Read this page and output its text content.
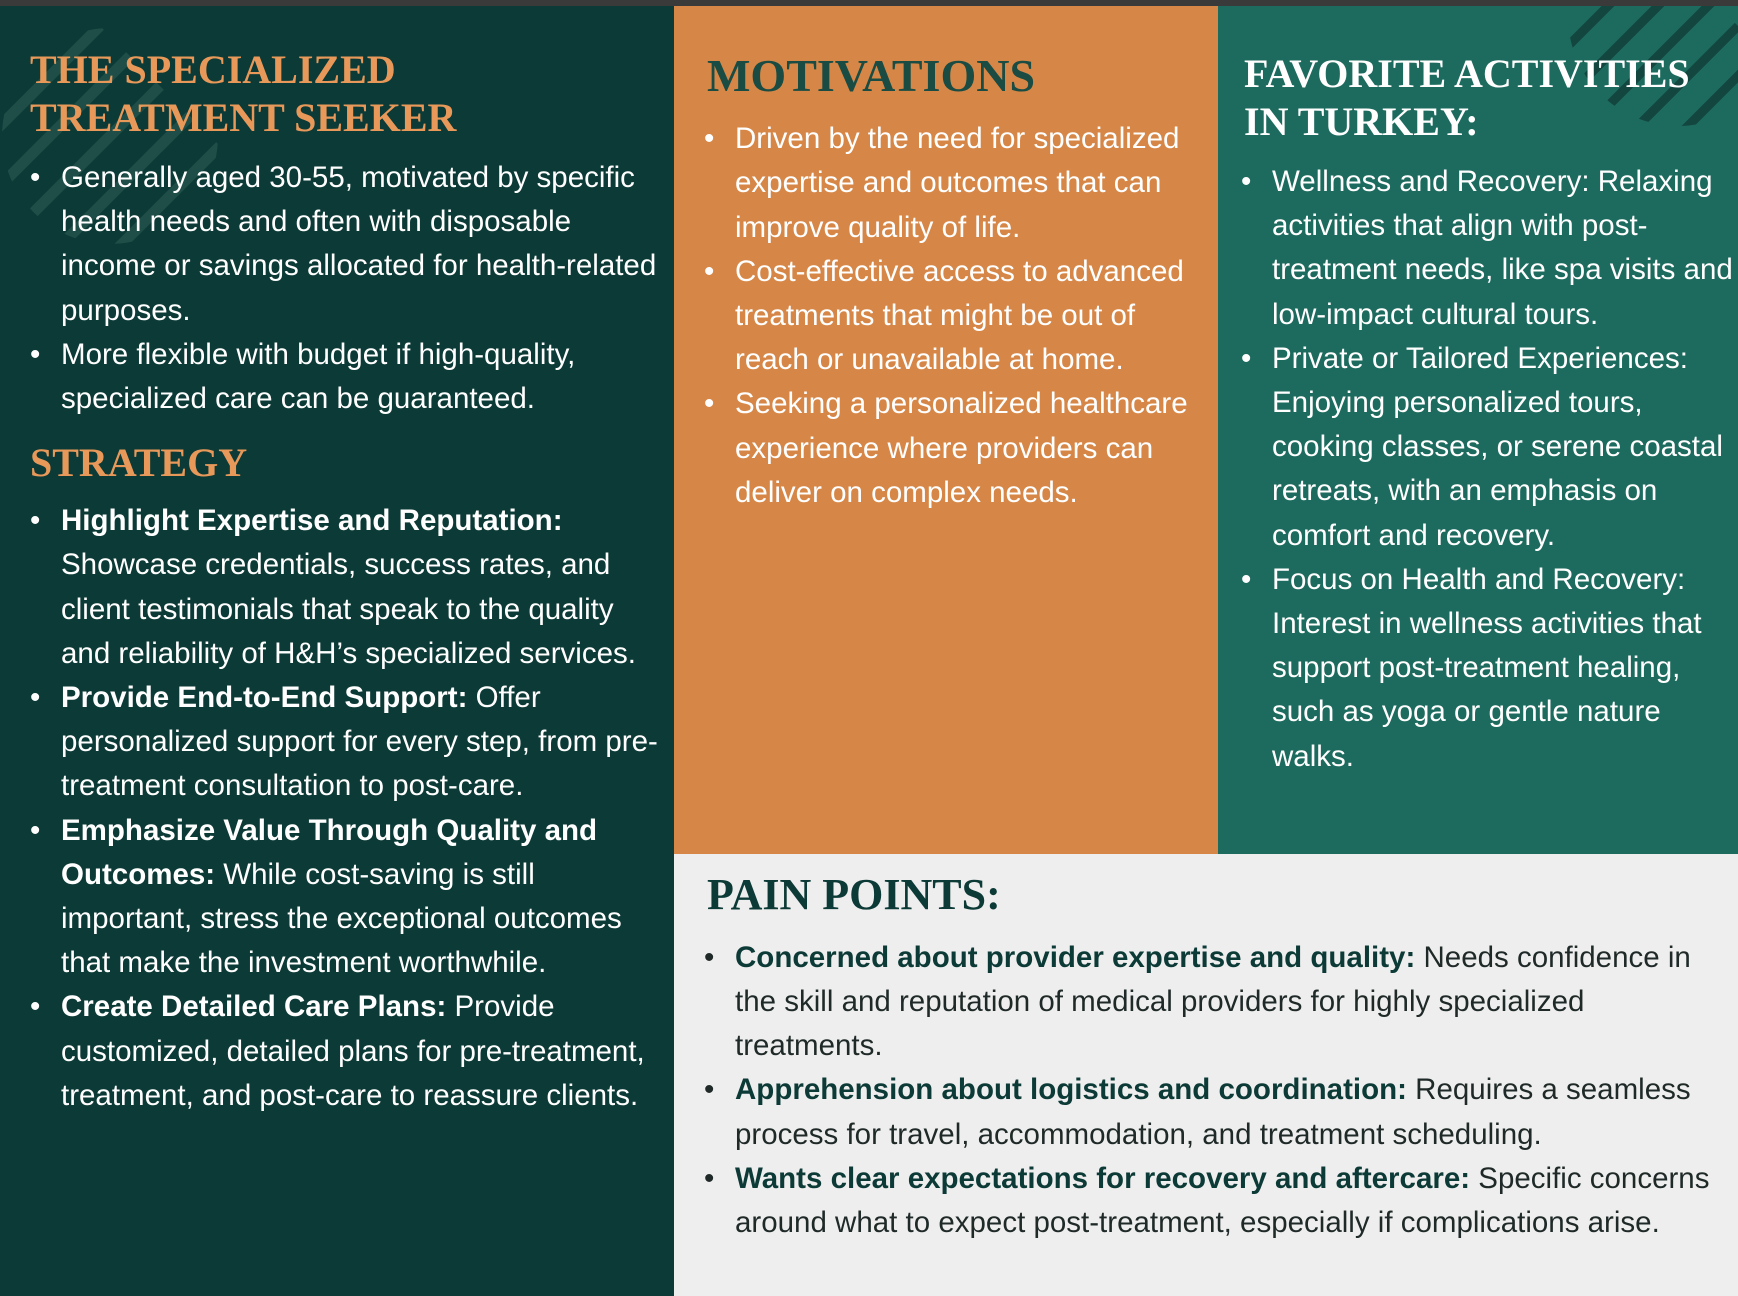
THE SPECIALIZED
TREATMENT SEEKER
• Generally aged 30-55, motivated by specific health needs and often with disposable income or savings allocated for health-related purposes.
• More flexible with budget if high-quality, specialized care can be guaranteed.
STRATEGY
• Highlight Expertise and Reputation: Showcase credentials, success rates, and client testimonials that speak to the quality and reliability of H&H’s specialized services.
• Provide End-to-End Support: Offer personalized support for every step, from pre-treatment consultation to post-care.
• Emphasize Value Through Quality and Outcomes: While cost-saving is still important, stress the exceptional outcomes that make the investment worthwhile.
• Create Detailed Care Plans: Provide customized, detailed plans for pre-treatment, treatment, and post-care to reassure clients.
MOTIVATIONS
• Driven by the need for specialized expertise and outcomes that can improve quality of life.
• Cost-effective access to advanced treatments that might be out of reach or unavailable at home.
• Seeking a personalized healthcare experience where providers can deliver on complex needs.
FAVORITE ACTIVITIES
IN TURKEY:
• Wellness and Recovery: Relaxing activities that align with post-treatment needs, like spa visits and low-impact cultural tours.
• Private or Tailored Experiences: Enjoying personalized tours, cooking classes, or serene coastal retreats, with an emphasis on comfort and recovery.
• Focus on Health and Recovery: Interest in wellness activities that support post-treatment healing, such as yoga or gentle nature walks.
PAIN POINTS:
• Concerned about provider expertise and quality: Needs confidence in the skill and reputation of medical providers for highly specialized treatments.
• Apprehension about logistics and coordination: Requires a seamless process for travel, accommodation, and treatment scheduling.
• Wants clear expectations for recovery and aftercare: Specific concerns around what to expect post-treatment, especially if complications arise.
